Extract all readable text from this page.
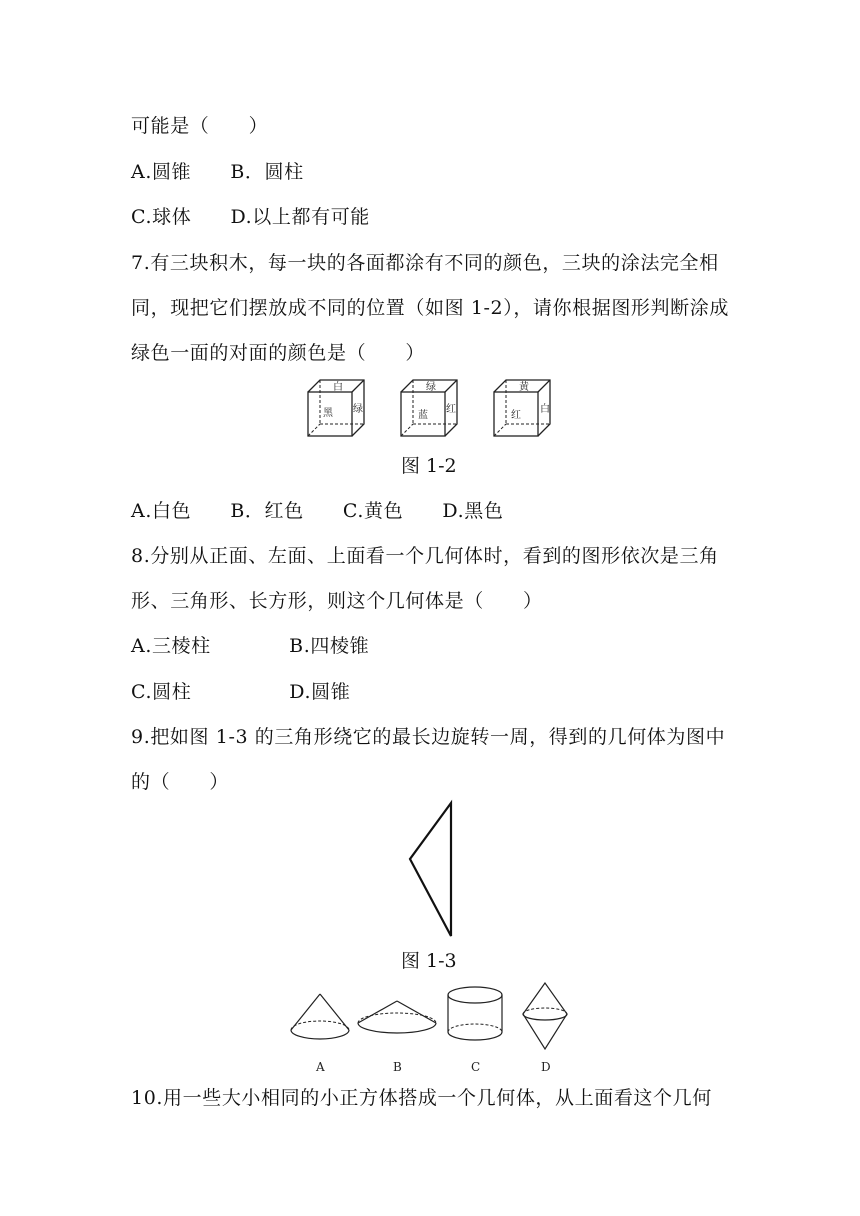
可能是（　　）
A.圆锥　　B．圆柱
C.球体　　D.以上都有可能
7.有三块积木，每一块的各面都涂有不同的颜色，三块的涂法完全相
同，现把它们摆放成不同的位置（如图 1-2），请你根据图形判断涂成
绿色一面的对面的颜色是（　　）
白
黑 绿
绿
蓝
红
黄
红
白
图 1-2
A.白色　　B．红色　　C.黄色　　D.黑色
8.分别从正面、左面、上面看一个几何体时，看到的图形依次是三角
形、三角形、长方形，则这个几何体是（　　）
A.三棱柱　　　　B.四棱锥
C.圆柱　　　　　D.圆锥
9.把如图 1-3 的三角形绕它的最长边旋转一周，得到的几何体为图中
的（　　）
图 1-3
A	B	C	D
10.用一些大小相同的小正方体搭成一个几何体，从上面看这个几何
